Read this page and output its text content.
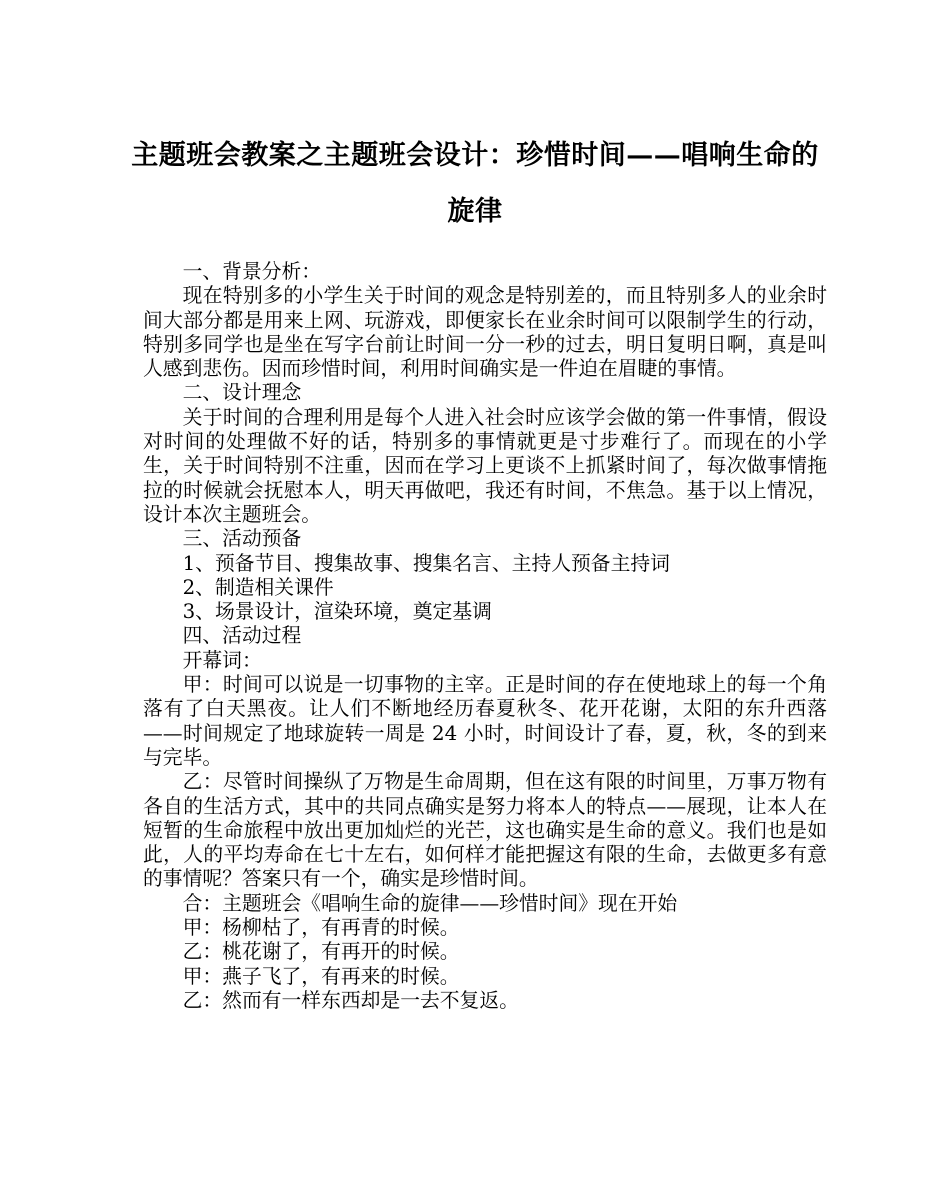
主题班会教案之主题班会设计：珍惜时间——唱响生命的旋律

一、背景分析：

现在特别多的小学生关于时间的观念是特别差的，而且特别多人的业余时间大部分都是用来上网、玩游戏，即便家长在业余时间可以限制学生的行动，特别多同学也是坐在写字台前让时间一分一秒的过去，明日复明日啊，真是叫人感到悲伤。因而珍惜时间，利用时间确实是一件迫在眉睫的事情。

二、设计理念

关于时间的合理利用是每个人进入社会时应该学会做的第一件事情，假设对时间的处理做不好的话，特别多的事情就更是寸步难行了。而现在的小学生，关于时间特别不注重，因而在学习上更谈不上抓紧时间了，每次做事情拖拉的时候就会抚慰本人，明天再做吧，我还有时间，不焦急。基于以上情况，设计本次主题班会。

三、活动预备

1、预备节目、搜集故事、搜集名言、主持人预备主持词

2、制造相关课件

3、场景设计，渲染环境，奠定基调

四、活动过程

开幕词：

甲：时间可以说是一切事物的主宰。正是时间的存在使地球上的每一个角落有了白天黑夜。让人们不断地经历春夏秋冬、花开花谢，太阳的东升西落——时间规定了地球旋转一周是 24 小时，时间设计了春，夏，秋，冬的到来与完毕。

乙：尽管时间操纵了万物是生命周期，但在这有限的时间里，万事万物有各自的生活方式，其中的共同点确实是努力将本人的特点——展现，让本人在短暂的生命旅程中放出更加灿烂的光芒，这也确实是生命的意义。我们也是如此，人的平均寿命在七十左右，如何样才能把握这有限的生命，去做更多有意的事情呢？答案只有一个，确实是珍惜时间。

合：主题班会《唱响生命的旋律——珍惜时间》现在开始

甲：杨柳枯了，有再青的时候。

乙：桃花谢了，有再开的时候。

甲：燕子飞了，有再来的时候。

乙：然而有一样东西却是一去不复返。
